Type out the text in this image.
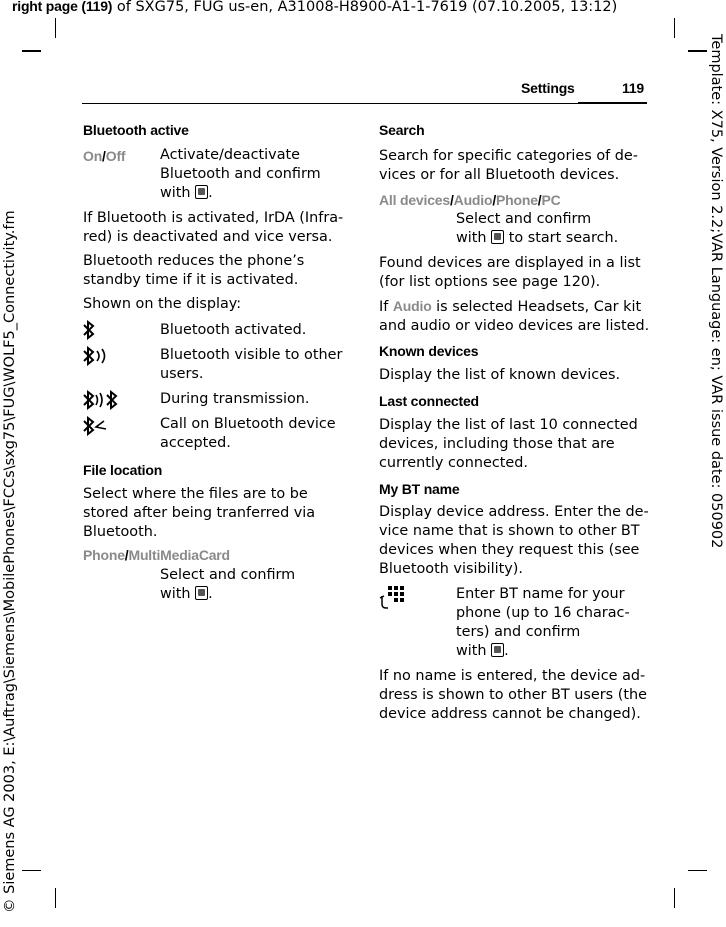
right page (119) of SXG75, FUG us-en, A31008-H8900-A1-1-7619 (07.10.2005, 13:12)
© Siemens AG 2003, E:\Auftrag\Siemens\MobilePhones\FCCs\sxg75\FUG\WOLF5_Connectivity.fm	Template: X75, Version 2.2;VAR Language: en; VAR issue date: 050902
Settings	119
Bluetooth active
On/Off Activate/deactivate
Bluetooth and confirm
with .
If Bluetooth is activated, IrDA (Infra-
red) is deactivated and vice versa.
Bluetooth reduces the phone’s
standby time if it is activated.
Shown on the display:
Bluetooth activated.
Bluetooth visible to other
users.
During transmission.
Call on Bluetooth device
accepted.
File location
Select where the files are to be
stored after being tranferred via
Bluetooth.
Phone/MultiMediaCard
Select and confirm
with .
Search
Search for specific categories of de-
vices or for all Bluetooth devices.
All devices/Audio/Phone/PC
Select and confirm
with to start search.
Found devices are displayed in a list
(for list options see page 120).
If Audio is selected Headsets, Car kit
and audio or video devices are listed.
Known devices
Display the list of known devices.
Last connected
Display the list of last 10 connected
devices, including those that are
currently connected.
My BT name
Display device address. Enter the de-
vice name that is shown to other BT
devices when they request this (see
Bluetooth visibility).
Enter BT name for your
phone (up to 16 charac-
ters) and confirm
with .
If no name is entered, the device ad-
dress is shown to other BT users (the
device address cannot be changed).
